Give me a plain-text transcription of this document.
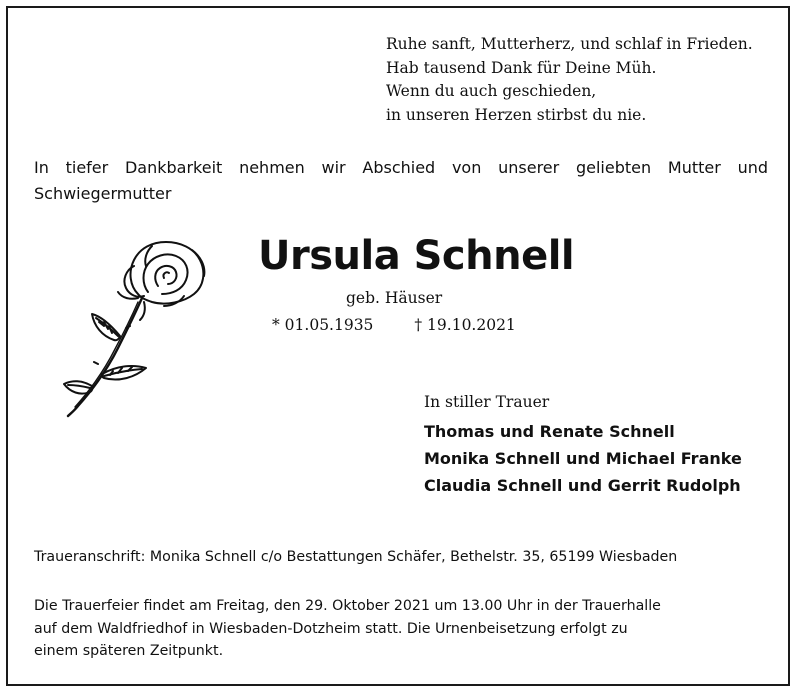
Ruhe sanft, Mutterherz, und schlaf in Frieden.
Hab tausend Dank für Deine Müh.
Wenn du auch geschieden,
in unseren Herzen stirbst du nie.
In tiefer Dankbarkeit nehmen wir Abschied von unserer geliebten Mutter und Schwiegermutter
Ursula Schnell
geb. Häuser
* 01.05.1935	† 19.10.2021
In stiller Trauer
Thomas und Renate Schnell
Monika Schnell und Michael Franke
Claudia Schnell und Gerrit Rudolph
Traueranschrift: Monika Schnell c/o Bestattungen Schäfer, Bethelstr. 35, 65199 Wiesbaden
Die Trauerfeier findet am Freitag, den 29. Oktober 2021 um 13.00 Uhr in der Trauerhalle
auf dem Waldfriedhof in Wiesbaden-Dotzheim statt. Die Urnenbeisetzung erfolgt zu
einem späteren Zeitpunkt.
